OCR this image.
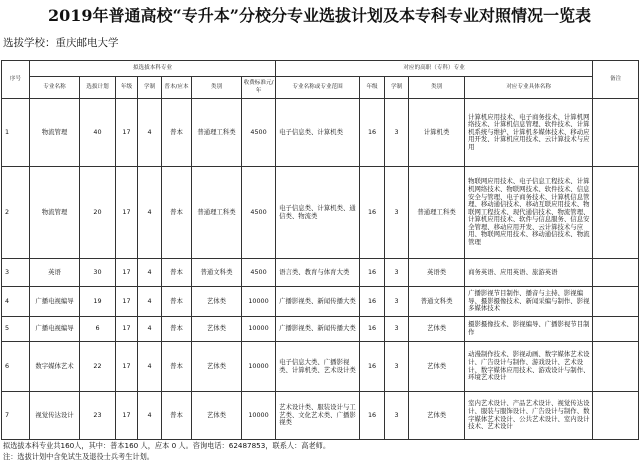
2019年普通高校“专升本”分校分专业选拔计划及本专科专业对照情况一览表
选拔学校：重庆邮电大学
序号	拟选拔本科专业							对应的高职（专科）专业					备注
	专业名称	选拔计划	年级	学制	普本/应本	类别	收费标准元/年	专业名称或专业范围	年级	学制	类别	对应专业具体名称	
1	物流管理	40	17	4	普本	普通理工科类	4500	电子信息类、计算机类	16	3	计算机类	计算机应用技术、电子商务技术、计算机网络技术、计算机信息管理、软件技术、计算机系统与维护、计算机多媒体技术、移动应用开发、计算机应用技术、云计算技术与应用	
2	物流管理	20	17	4	普本	普通理工科类	4500	电子信息类、计算机类、通信类、物流类	16	3	普通理工科类	物联网应用技术、电子信息工程技术、计算机网络技术、物联网技术、软件技术、信息安全与管理、电子商务技术、计算机信息管理、移动通信技术、移动互联应用技术、物联网工程技术、现代通信技术、物流管理、计算机应用技术、软件与信息服务、信息安全管理、移动应用开发、云计算技术与应用、物联网应用技术、移动通信技术、物流管理	
3	英语	30	17	4	普本	普通文科类	4500	语言类、教育与体育大类	16	3	英语类	商务英语、应用英语、旅游英语	
4	广播电视编导	19	17	4	普本	艺体类	10000	广播影视类、新闻传播大类	16	3	普通文科类	广播影视节目制作、播音与主持、影视编导、摄影摄像技术、新闻采编与制作、影视多媒体技术	
5	广播电视编导	6	17	4	普本	艺体类	10000	广播影视类、新闻传播大类	16	3	艺体类	摄影摄像技术、影视编导、广播影视节目制作	
6	数字媒体艺术	22	17	4	普本	艺体类	10000	电子信息大类、广播影视类、计算机类、艺术设计类	16	3	艺体类	动漫制作技术、影视动画、数字媒体艺术设计、广告设计与制作、游戏设计、艺术设计、数字媒体应用技术、游戏设计与制作、环境艺术设计	
7	视觉传达设计	23	17	4	普本	艺体类	10000	艺术设计类、服装设计与工艺类、文化艺术类、广播影视类	16	3	艺体类	室内艺术设计、产品艺术设计、视觉传达设计、服装与服饰设计、广告设计与制作、数字媒体艺术设计、公共艺术设计、室内设计技术、艺术设计	
拟选拔本科专业共160人，其中：普本160 人，应本 0 人。咨询电话：62487853，联系人：高老师。
注：选拔计划中含免试生及退役士兵考生计划。
